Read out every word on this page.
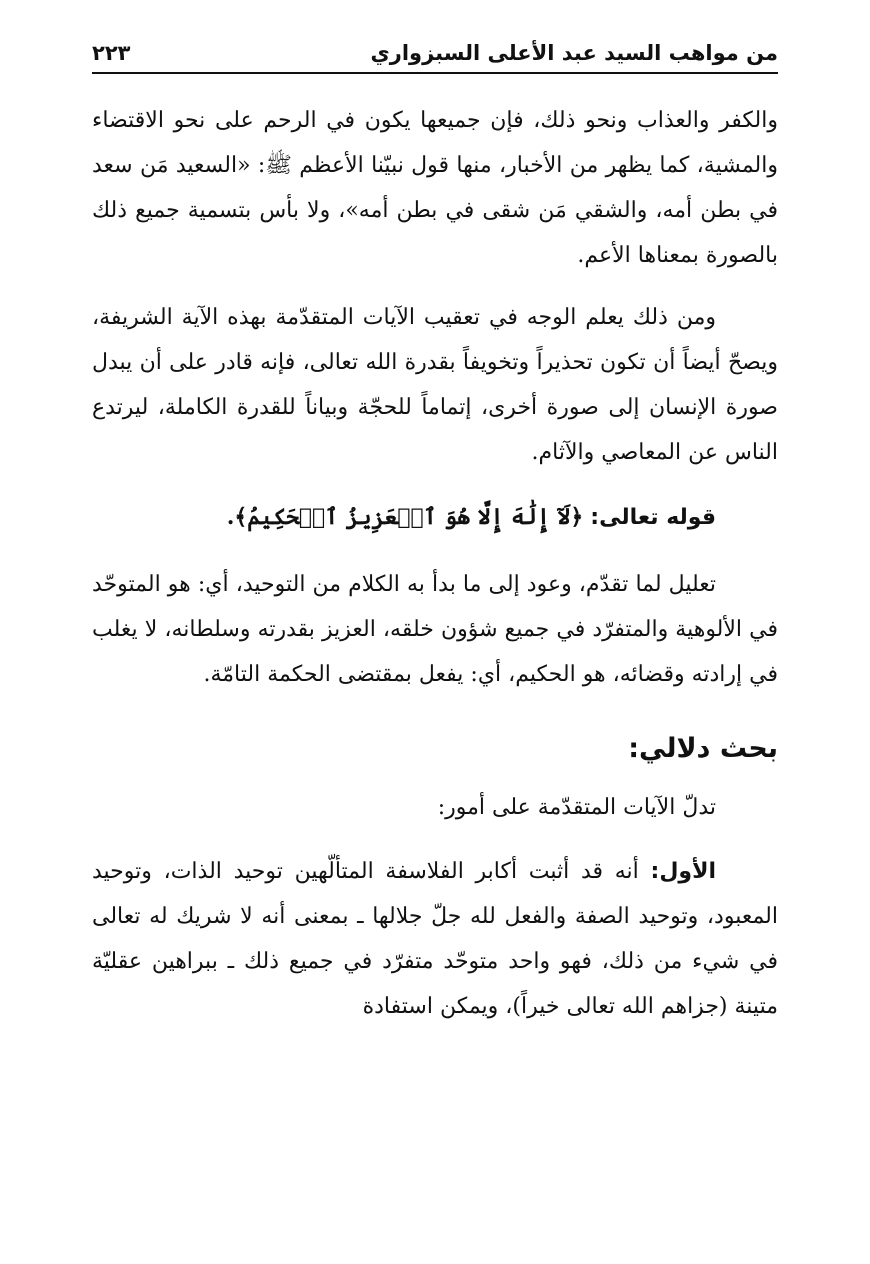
من مواهب السيد عبد الأعلى السبزواري
٢٢٣

والكفر والعذاب ونحو ذلك، فإن جميعها يكون في الرحم على نحو الاقتضاء والمشية، كما يظهر من الأخبار، منها قول نبيّنا الأعظم ﷺ: «السعيد مَن سعد في بطن أمه، والشقي مَن شقى في بطن أمه»، ولا بأس بتسمية جميع ذلك بالصورة بمعناها الأعم.

ومن ذلك يعلم الوجه في تعقيب الآيات المتقدّمة بهذه الآية الشريفة، ويصحّ أيضاً أن تكون تحذيراً وتخويفاً بقدرة الله تعالى، فإنه قادر على أن يبدل صورة الإنسان إلى صورة أخرى، إتماماً للحجّة وبياناً للقدرة الكاملة، ليرتدع الناس عن المعاصي والآثام.

قوله تعالى: ﴿لَآ إِلَٰهَ إِلَّا هُوَ ٱلۡعَزِيزُ ٱلۡحَكِيمُ﴾.

تعليل لما تقدّم، وعود إلى ما بدأ به الكلام من التوحيد، أي: هو المتوحّد في الألوهية والمتفرّد في جميع شؤون خلقه، العزيز بقدرته وسلطانه، لا يغلب في إرادته وقضائه، هو الحكيم، أي: يفعل بمقتضى الحكمة التامّة.

بحث دلالي:

تدلّ الآيات المتقدّمة على أمور:

الأول: أنه قد أثبت أكابر الفلاسفة المتألّهين توحيد الذات، وتوحيد المعبود، وتوحيد الصفة والفعل لله جلّ جلالها ـ بمعنى أنه لا شريك له تعالى في شيء من ذلك، فهو واحد متوحّد متفرّد في جميع ذلك ـ ببراهين عقليّة متينة (جزاهم الله تعالى خيراً)، ويمكن استفادة
